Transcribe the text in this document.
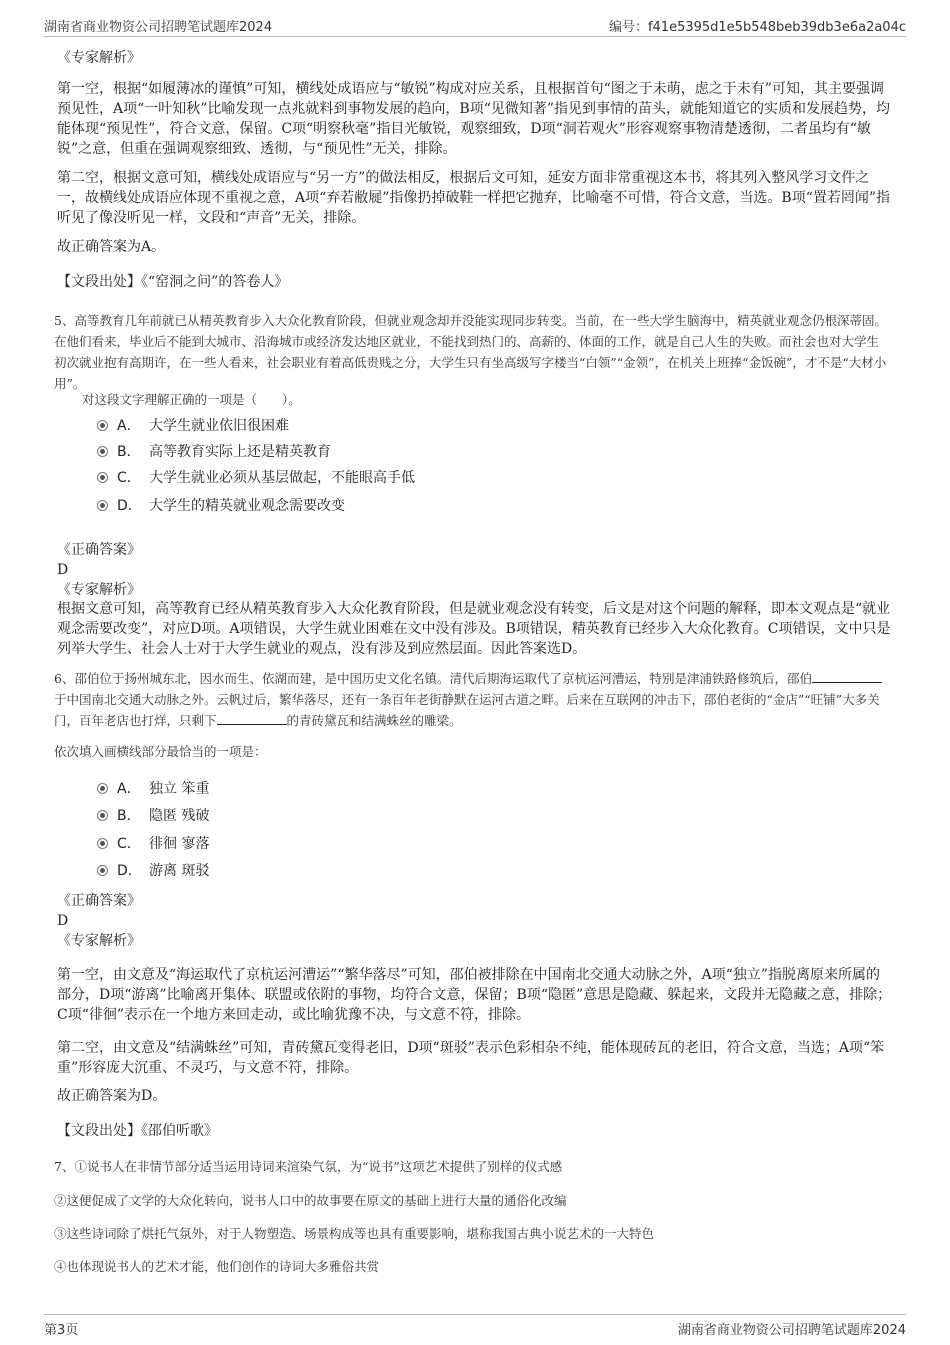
湖南省商业物资公司招聘笔试题库2024	编号：f41e5395d1e5b548beb39db3e6a2a04c
《专家解析》
第一空，根据“如履薄冰的谨慎”可知，横线处成语应与“敏锐”构成对应关系，且根据首句“图之于未萌，虑之于未有”可知，其主要强调预见性，A项“一叶知秋”比喻发现一点兆就料到事物发展的趋向，B项“见微知著”指见到事情的苗头，就能知道它的实质和发展趋势，均能体现“预见性”，符合文意，保留。C项“明察秋毫”指目光敏锐，观察细致，D项“洞若观火”形容观察事物清楚透彻，二者虽均有“敏锐”之意，但重在强调观察细致、透彻，与“预见性”无关，排除。
第二空，根据文意可知，横线处成语应与“另一方”的做法相反，根据后文可知，延安方面非常重视这本书，将其列入整风学习文件之一，故横线处成语应体现不重视之意，A项“弃若敝屣”指像扔掉破鞋一样把它抛弃，比喻毫不可惜，符合文意，当选。B项“置若罔闻”指听见了像没听见一样，文段和“声音”无关，排除。
故正确答案为A。
【文段出处】《“窑洞之问”的答卷人》
5、高等教育几年前就已从精英教育步入大众化教育阶段，但就业观念却并没能实现同步转变。当前，在一些大学生脑海中，精英就业观念仍根深蒂固。在他们看来，毕业后不能到大城市、沿海城市或经济发达地区就业，不能找到热门的、高薪的、体面的工作，就是自己人生的失败。而社会也对大学生初次就业抱有高期许，在一些人看来，社会职业有着高低贵贱之分，大学生只有坐高级写字楼当“白领”“金领”，在机关上班捧“金饭碗”，才不是“大材小用”。
对这段文字理解正确的一项是（　　）。
A． 大学生就业依旧很困难
B． 高等教育实际上还是精英教育
C． 大学生就业必须从基层做起，不能眼高手低
D． 大学生的精英就业观念需要改变
《正确答案》
D
《专家解析》
根据文意可知，高等教育已经从精英教育步入大众化教育阶段，但是就业观念没有转变，后文是对这个问题的解释，即本文观点是“就业观念需要改变”，对应D项。A项错误，大学生就业困难在文中没有涉及。B项错误，精英教育已经步入大众化教育。C项错误，文中只是列举大学生、社会人士对于大学生就业的观点，没有涉及到应然层面。因此答案选D。
6、邵伯位于扬州城东北，因水而生、依湖而建，是中国历史文化名镇。清代后期海运取代了京杭运河漕运，特别是津浦铁路修筑后，邵伯于中国南北交通大动脉之外。云帆过后，繁华落尽，还有一条百年老街静默在运河古道之畔。后来在互联网的冲击下，邵伯老街的“金店”“旺铺”大多关门，百年老店也打烊，只剩下	的青砖黛瓦和结满蛛丝的雕梁。
依次填入画横线部分最恰当的一项是：
A． 独立 笨重
B． 隐匿 残破
C． 徘徊 寥落
D． 游离 斑驳
《正确答案》
D
《专家解析》
第一空，由文意及“海运取代了京杭运河漕运”“繁华落尽”可知，邵伯被排除在中国南北交通大动脉之外，A项“独立”指脱离原来所属的部分，D项“游离”比喻离开集体、联盟或依附的事物，均符合文意，保留；B项“隐匿”意思是隐藏、躲起来，文段并无隐藏之意，排除；C项“徘徊”表示在一个地方来回走动，或比喻犹豫不决，与文意不符，排除。
第二空，由文意及“结满蛛丝”可知，青砖黛瓦变得老旧，D项“斑驳”表示色彩相杂不纯，能体现砖瓦的老旧，符合文意，当选；A项“笨重”形容庞大沉重、不灵巧，与文意不符，排除。
故正确答案为D。
【文段出处】《邵伯听歌》
7、①说书人在非情节部分适当运用诗词来渲染气氛，为“说书”这项艺术提供了别样的仪式感
②这便促成了文学的大众化转向，说书人口中的故事要在原文的基础上进行大量的通俗化改编
③这些诗词除了烘托气氛外，对于人物塑造、场景构成等也具有重要影响，堪称我国古典小说艺术的一大特色
④也体现说书人的艺术才能，他们创作的诗词大多雅俗共赏
第3页	湖南省商业物资公司招聘笔试题库2024
